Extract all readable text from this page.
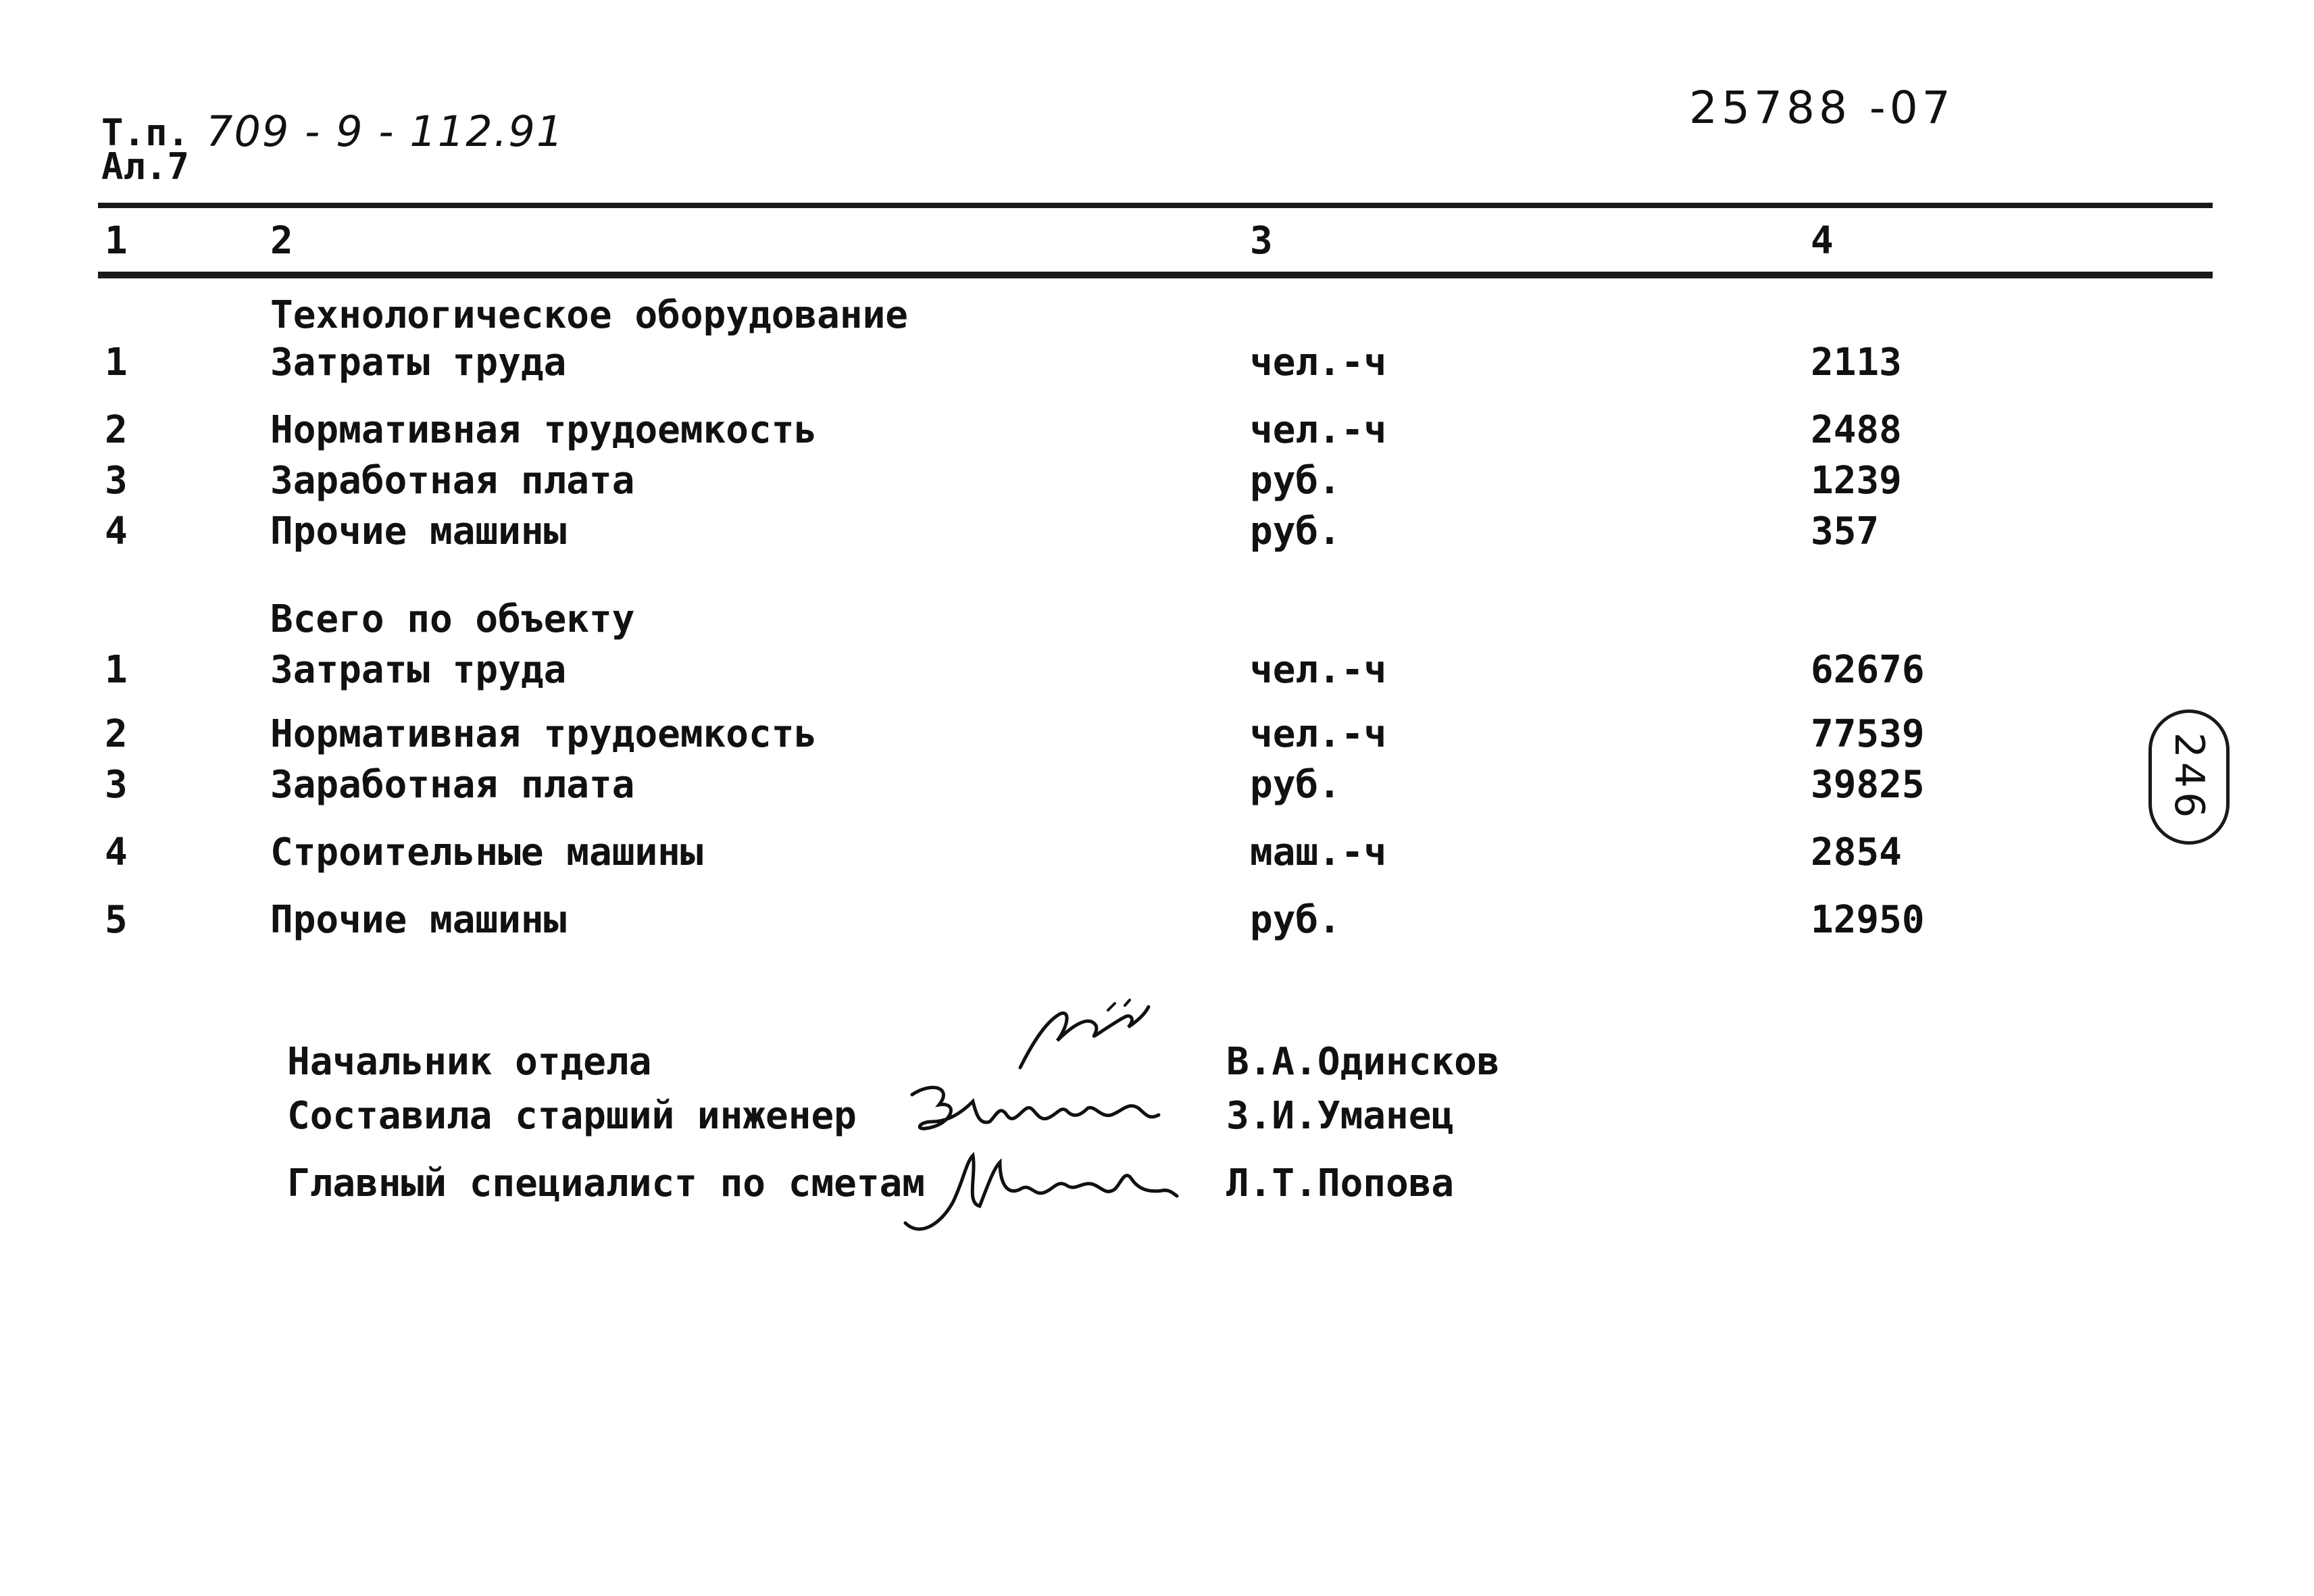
Т.п.
Ал.7
709 - 9 - 112.91	25788 -07
1	2	3	4
Технологическое оборудование
1	Затраты труда	чел.-ч	2113
2	Нормативная трудоемкость	чел.-ч	2488
3	Заработная плата	руб.	1239
4	Прочие машины	руб.	357
Всего по объекту
1	Затраты труда	чел.-ч	62676
2	Нормативная трудоемкость	чел.-ч	77539
3	Заработная плата	руб.	39825
4	Строительные машины	маш.-ч	2854
5	Прочие машины	руб.	12950
246
Начальник отдела	В.А.Одинсков
Составила старший инженер	З.И.Уманец
Главный специалист по сметам	Л.Т.Попова
